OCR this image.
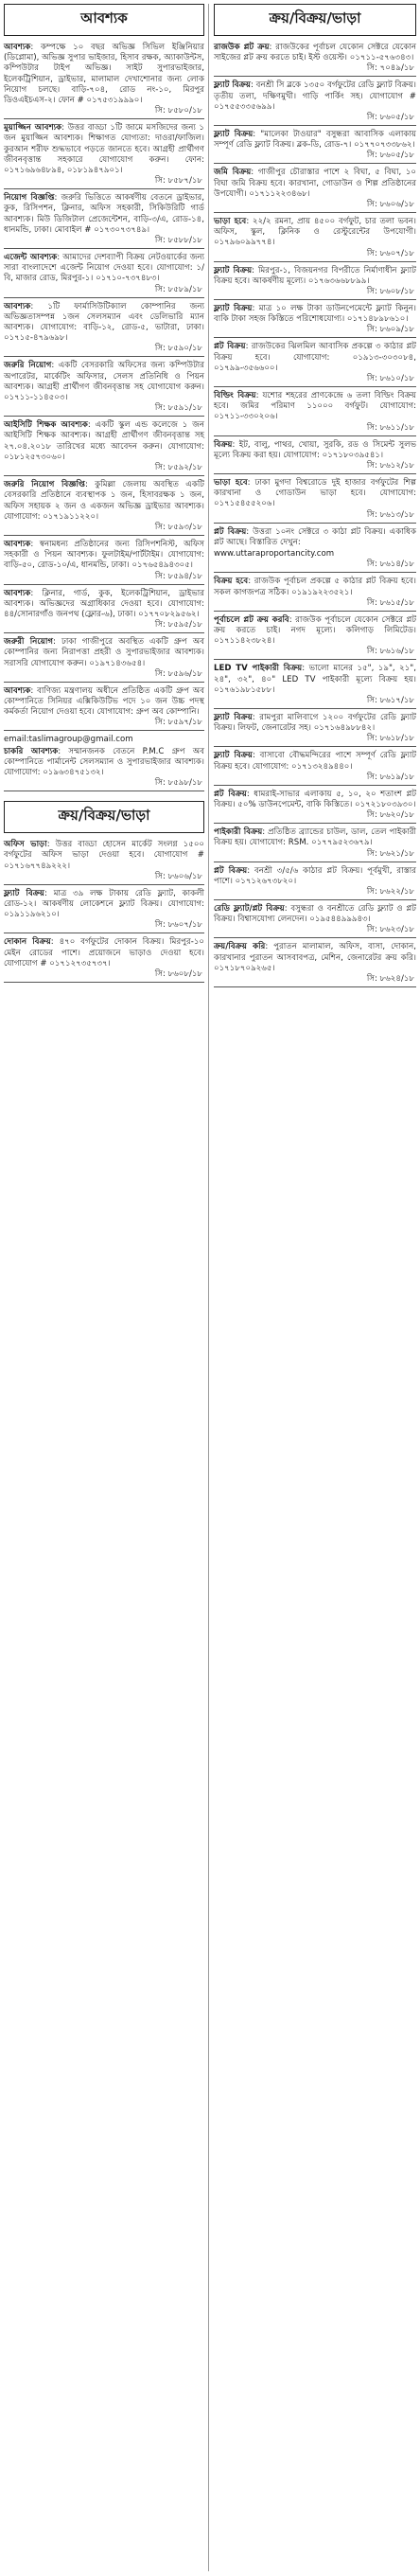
আবশ্যক

আবশ্যক: কম্পক্ষে ১০ বছর অভিজ্ঞ সিভিল ইঞ্জিনিয়ার (ডিপ্লোমা), অভিজ্ঞ সুপার ভাইজার, হিসাব রক্ষক, অ্যাকাউন্টস, কম্পিউটার টাইপ অভিজ্ঞ। সাইট সুপারভাইজার, ইলেকট্রিশিয়ান, ড্রাইভার, মালামাল দেখাশোনার জন্য লোক নিয়োগ চলছে। বাড়ি-৭০৪, রোড নং-১০, মিরপুর ডিওএইচএস-২। ফোন # ০১৭৫৩১৯৯৯০।

সি: ৮৫৮০/১৮

মুয়াজ্জিন আবশ্যক: উত্তর বাড্ডা ১টি জামে মসজিদের জন্য ১ জন মুয়াজ্জিন আবশ্যক। শিক্ষাগত যোগ্যতা: দাওরা/ফাজিল। কুরআন শরীফ শুদ্ধভাবে পড়তে জানতে হবে। আগ্রহী প্রার্থীগণ জীবনবৃত্তান্ত সহকারে যোগাযোগ করুন। ফোন: ০১৭১৬৯৬৪৮৯৪, ০১৮১৯৪৭৯০১।

সি: ৮৫৮৭/১৮

নিয়োগ বিজ্ঞপ্তি: জরুরি ভিত্তিতে আকর্ষণীয় বেতনে ড্রাইভার, কুক, রিসিপশন, ক্লিনার, অফিস সহকারী, সিকিউরিটি গার্ড আবশ্যক। মিউ ডিজিটাল প্রেজেন্টেশন, বাড়ি-৩/এ, রোড-১৪, ধানমন্ডি, ঢাকা। মোবাইল # ০১৭৩০৭৩৭৪৯।

সি: ৮৫৮৮/১৮

এজেন্ট আবশ্যক: আমাদের দেশব্যাপী বিক্রয় নেটওয়ার্কের জন্য সারা বাংলাদেশে এজেন্ট নিয়োগ দেওয়া হবে। যোগাযোগ: ১/বি, মাজার রোড, মিরপুর-১। ০১৭১০-৭৩৭৪৮৩।

সি: ৮৫৮৯/১৮

আবশ্যক: ১টি ফার্মাসিউটিক্যাল কোম্পানির জন্য অভিজ্ঞতাসম্পন্ন ১জন সেলসম্যান এবং ডেলিভারি ম্যান আবশ্যক। যোগাযোগ: বাড়ি-১২, রোড-৫, ভাটারা, ঢাকা। ০১৭১৫-৪৭৯৬৯৮।

সি: ৮৫৯০/১৮

জরুরি নিয়োগ: একটি বেসরকারি অফিসের জন্য কম্পিউটার অপারেটর, মার্কেটিং অফিসার, সেলস প্রতিনিধি ও পিয়ন আবশ্যক। আগ্রহী প্রার্থীগণ জীবনবৃত্তান্ত সহ যোগাযোগ করুন। ০১৭১১-১১৪৫০৩।

সি: ৮৫৯১/১৮

আইসিটি শিক্ষক আবশ্যক: একটি স্কুল এন্ড কলেজে ১ জন আইসিটি শিক্ষক আবশ্যক। আগ্রহী প্রার্থীগণ জীবনবৃত্তান্ত সহ ২৭.০৪.২০১৮ তারিখের মধ্যে আবেদন করুন। যোগাযোগ: ০১৮১২৫৭৩০৬০।

সি: ৮৫৯২/১৮

জরুরি নিয়োগ বিজ্ঞপ্তি: কুমিল্লা জেলায় অবস্থিত একটি বেসরকারি প্রতিষ্ঠানে ব্যবস্থাপক ১ জন, হিসাবরক্ষক ১ জন, অফিস সহায়ক ২ জন ও একজন অভিজ্ঞ ড্রাইভার আবশ্যক। যোগাযোগ: ০১৭১৯১১২২০।

সি: ৮৫৯৩/১৮

আবশ্যক: স্বনামধন্য প্রতিষ্ঠানের জন্য রিসিপশনিস্ট, অফিস সহকারী ও পিয়ন আবশ্যক। ফুলটাইম/পার্টটাইম। যোগাযোগ: বাড়ি-৫০, রোড-১০/এ, ধানমন্ডি, ঢাকা। ০১৭৬৫৪৯৪৩০৫।

সি: ৮৫৯৪/১৮

আবশ্যক: ক্লিনার, গার্ড, কুক, ইলেকট্রিশিয়ান, ড্রাইভার আবশ্যক। অভিজ্ঞদের অগ্রাধিকার দেওয়া হবে। যোগাযোগ: ৪৪/সোনারগাঁও জনপথ (ফ্লোর-৬), ঢাকা। ০১৭৭০৮২৯৫৬২।

সি: ৮৫৯৫/১৮

জরুরী নিয়োগ: ঢাকা গাজীপুরে অবস্থিত একটি গ্রুপ অব কোম্পানির জন্য নিরাপত্তা প্রহরী ও সুপারভাইজার আবশ্যক। সরাসরি যোগাযোগ করুন। ০১৯৭১৪৩৬৫৪।

সি: ৮৫৯৬/১৮

আবশ্যক: বাণিজ্য মন্ত্রণালয় অধীনে প্রতিষ্ঠিত একটি গ্রুপ অব কোম্পানিতে সিনিয়র এক্সিকিউটিভ পদে ১০ জন উচ্চ পদস্থ কর্মকর্তা নিয়োগ দেওয়া হবে। যোগাযোগ: গ্রুপ অব কোম্পানি।

সি: ৮৫৯৭/১৮
email:taslimagroup@gmail.com

চাকরি আবশ্যক: সম্মানজনক বেতনে P.M.C গ্রুপ অব কোম্পানিতে পার্মানেন্ট সেলসম্যান ও সুপারভাইজার আবশ্যক। যোগাযোগ: ০১৯৬৩৪৭৫১৩২।

সি: ৮৫৯৮/১৮
ক্রয়/বিক্রয়/ভাড়া

অফিস ভাড়া: উত্তর বাড্ডা হোসেন মার্কেট সংলগ্ন ১৫০০ বর্গফুটের অফিস ভাড়া দেওয়া হবে। যোগাযোগ # ০১৭১৬৭৭৪৯২২২।

সি: ৮৬০৬/১৮

ফ্ল্যাট বিক্রয়: মাত্র ৩৯ লক্ষ টাকায় রেডি ফ্ল্যাট, কাকলী রোড-১২। আকর্ষণীয় লোকেশনে ফ্ল্যাট বিক্রয়। যোগাযোগ: ০১৯১১৯৬২১০।

সি: ৮৬০৭/১৮

দোকান বিক্রয়: ৪৭০ বর্গফুটের দোকান বিক্রয়। মিরপুর-১০ মেইন রোডের পাশে। প্রয়োজনে ভাড়াও দেওয়া হবে। যোগাযোগ # ০১৭১২৭৩৫৭৩৭।

সি: ৮৬০৮/১৮
ক্রয়/বিক্রয়/ভাড়া

রাজউক প্লট ক্রয়: রাজউকের পূর্বাচল যেকোন সেক্টরে যেকোন সাইজের প্লট ক্রয় করতে চাই। ইস্ট ওয়েস্ট। ০১৭১১-৫৭৬৩৪৩।

সি: ৭০৪৯/১৮

ফ্ল্যাট বিক্রয়: বনশ্রী সি ব্লকে ১৩৫০ বর্গফুটের রেডি ফ্ল্যাট বিক্রয়। তৃতীয় তলা, দক্ষিণমুখী। গাড়ি পার্কিং সহ। যোগাযোগ # ০১৭৫৫৩৩৫৬৯৯।

সি: ৮৬০৫/১৮

ফ্ল্যাট বিক্রয়: "মালেকা টাওয়ার" বসুন্ধরা আবাসিক এলাকায় সম্পূর্ণ রেডি ফ্ল্যাট বিক্রয়। ব্লক-ডি, রোড-৭। ০১৭৭০৭৩৩৮৬২।

সি: ৮৬০৫/১৮

জমি বিক্রয়: গাজীপুর চৌরাস্তার পাশে ২ বিঘা, ৫ বিঘা, ১০ বিঘা জমি বিক্রয় হবে। কারখানা, গোডাউন ও শিল্প প্রতিষ্ঠানের উপযোগী। ০১৭১১২২৩৪৬৮।

সি: ৮৬০৬/১৮

ভাড়া হবে: ২২/২ রমনা, প্রায় ৪৫০০ বর্গফুট, চার তলা ভবন। অফিস, স্কুল, ক্লিনিক ও রেস্টুরেন্টের উপযোগী। ০১৭৯৬০৯৯৭৭৪।

সি: ৮৬০৭/১৮

ফ্ল্যাট বিক্রয়: মিরপুর-১, বিজয়নগর বিপরীতে নির্মাণাধীন ফ্ল্যাট বিক্রয় হবে। আকর্ষণীয় মূল্যে। ০১৭৬৩৬৬৮৮৯৯।

সি: ৮৬০৮/১৮

ফ্ল্যাট বিক্রয়: মাত্র ১০ লক্ষ টাকা ডাউনপেমেন্টে ফ্ল্যাট কিনুন। বাকি টাকা সহজ কিস্তিতে পরিশোধযোগ্য। ০১৭১৪৮৯৮৬১০।

সি: ৮৬০৯/১৮

প্লট বিক্রয়: রাজউকের ঝিলমিল আবাসিক প্রকল্পে ৩ কাঠার প্লট বিক্রয় হবে। যোগাযোগ: ০১৯১৩-৩০৩০৮৪, ০১৭৯৯-৩৫৬৬০০।

সি: ৮৬১০/১৮

বিল্ডিং বিক্রয়: যশোর শহরের প্রাণকেন্দ্রে ৬ তলা বিল্ডিং বিক্রয় হবে। জমির পরিমাণ ১১০০০ বর্গফুট। যোগাযোগ: ০১৭১১-৩৩০২০৬।

সি: ৮৬১১/১৮

বিক্রয়: ইট, বালু, পাথর, খোয়া, সুরকি, রড ও সিমেন্ট সুলভ মূল্যে বিক্রয় করা হয়। যোগাযোগ: ০১৭১৮০৩৯৫৪১।

সি: ৮৬১২/১৮

ভাড়া হবে: ঢাকা মুগদা বিশ্বরোডে দুই হাজার বর্গফুটের শিল্প কারখানা ও গোডাউন ভাড়া হবে। যোগাযোগ: ০১৭১৫৪৫৫২০৬।

সি: ৮৬১৩/১৮

প্লট বিক্রয়: উত্তরা ১০নং সেক্টরে ৩ কাঠা প্লট বিক্রয়। একাধিক প্লট আছে। বিস্তারিত দেখুন:

www.uttaraproportancity.com
সি: ৮৬১৪/১৮

বিক্রয় হবে: রাজউক পূর্বাচল প্রকল্পে ৫ কাঠার প্লট বিক্রয় হবে। সকল কাগজপত্র সঠিক। ০১৯১৯২২৩৫২১।

সি: ৮৬১৫/১৮

পূর্বাচলে প্লট ক্রয় করবি: রাজউক পূর্বাচলে যেকোন সেক্টরে প্লট ক্রয় করতে চাই। নগদ মূল্যে। কলিগাড় লিমিটেড। ০১৭১১৪২৩৮২৪।

সি: ৮৬১৬/১৮

LED TV পাইকারী বিক্রয়: ভালো মানের ১৫", ১৯", ২১", ২৪", ৩২", ৪০" LED TV পাইকারী মূল্যে বিক্রয় হয়। ০১৭৬১৯৮১৫৮৮।

সি: ৮৬১৭/১৮

ফ্ল্যাট বিক্রয়: রামপুরা মালিবাগে ১২০০ বর্গফুটের রেডি ফ্ল্যাট বিক্রয়। লিফট, জেনারেটর সহ। ০১৭১৬৪৯৮৮৪২।

সি: ৮৬১৮/১৮

ফ্ল্যাট বিক্রয়: বাসাবো বৌদ্ধমন্দিরের পাশে সম্পূর্ণ রেডি ফ্ল্যাট বিক্রয় হবে। যোগাযোগ: ০১৭১৩২৪৯৪৪০।

সি: ৮৬১৯/১৮

প্লট বিক্রয়: ধামরাই-সাভার এলাকায় ৫, ১০, ২০ শতাংশ প্লট বিক্রয়। ৫০% ডাউনপেমেন্ট, বাকি কিস্তিতে। ০১৭২১৮০৩৯৩০।

সি: ৮৬২০/১৮

পাইকারী বিক্রয়: প্রতিষ্ঠিত ব্র্যান্ডের চাউল, ডাল, তেল পাইকারী বিক্রয় হয়। যোগাযোগ: RSM. ০১৭৭৯৫২৩৬৭৯।

সি: ৮৬২১/১৮

প্লট বিক্রয়: বনশ্রী ৩/৫/৬ কাঠার প্লট বিক্রয়। পূর্বমুখী, রাস্তার পাশে। ০১৭১২৬৭৩৮২০।

সি: ৮৬২২/১৮

রেডি ফ্ল্যাট/প্লট বিক্রয়: বসুন্ধরা ও বনশ্রীতে রেডি ফ্ল্যাট ও প্লট বিক্রয়। বিশ্বাসযোগ্য লেনদেন। ০১৯৫৪৪৯৯৯৪৩।

সি: ৮৬২৩/১৮

ক্রয়/বিক্রয় করি: পুরাতন মালামাল, অফিস, বাসা, দোকান, কারখানার পুরাতন আসবাবপত্র, মেশিন, জেনারেটর ক্রয় করি। ০১৭১৮৭০৯২৬৫।

সি: ৮৬২৪/১৮
